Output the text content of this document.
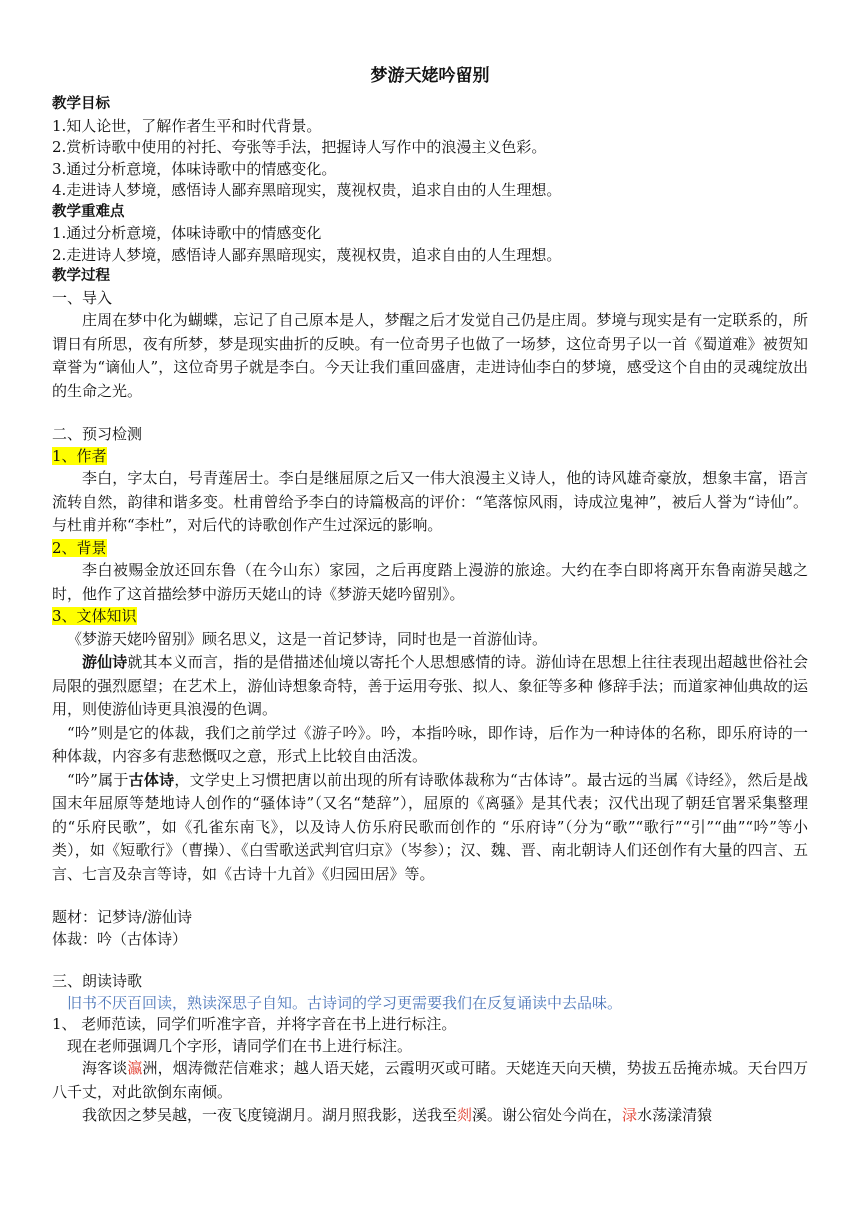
梦游天姥吟留别

教学目标

1.知人论世，了解作者生平和时代背景。

2.赏析诗歌中使用的衬托、夸张等手法，把握诗人写作中的浪漫主义色彩。

3.通过分析意境，体味诗歌中的情感变化。

4.走进诗人梦境，感悟诗人鄙弃黑暗现实，蔑视权贵，追求自由的人生理想。

教学重难点

1.通过分析意境，体味诗歌中的情感变化

2.走进诗人梦境，感悟诗人鄙弃黑暗现实，蔑视权贵，追求自由的人生理想。

教学过程

一、导入

庄周在梦中化为蝴蝶，忘记了自己原本是人，梦醒之后才发觉自己仍是庄周。梦境与现实是有一定联系的，所谓日有所思，夜有所梦，梦是现实曲折的反映。有一位奇男子也做了一场梦，这位奇男子以一首《蜀道难》被贺知章誉为“谪仙人”，这位奇男子就是李白。今天让我们重回盛唐，走进诗仙李白的梦境，感受这个自由的灵魂绽放出的生命之光。

二、预习检测

1、作者

李白，字太白，号青莲居士。李白是继屈原之后又一伟大浪漫主义诗人，他的诗风雄奇豪放，想象丰富，语言流转自然，韵律和谐多变。杜甫曾给予李白的诗篇极高的评价：“笔落惊风雨，诗成泣鬼神”，被后人誉为“诗仙”。与杜甫并称“李杜”，对后代的诗歌创作产生过深远的影响。

2、背景

李白被赐金放还回东鲁（在今山东）家园，之后再度踏上漫游的旅途。大约在李白即将离开东鲁南游吴越之时，他作了这首描绘梦中游历天姥山的诗《梦游天姥吟留别》。

3、文体知识

《梦游天姥吟留别》顾名思义，这是一首记梦诗，同时也是一首游仙诗。

游仙诗就其本义而言，指的是借描述仙境以寄托个人思想感情的诗。游仙诗在思想上往往表现出超越世俗社会局限的强烈愿望；在艺术上，游仙诗想象奇特，善于运用夸张、拟人、象征等多种 修辞手法；而道家神仙典故的运用，则使游仙诗更具浪漫的色调。

“吟”则是它的体裁，我们之前学过《游子吟》。吟，本指吟咏，即作诗，后作为一种诗体的名称，即乐府诗的一种体裁，内容多有悲愁慨叹之意，形式上比较自由活泼。

“吟”属于古体诗，文学史上习惯把唐以前出现的所有诗歌体裁称为“古体诗”。最古远的当属《诗经》，然后是战国末年屈原等楚地诗人创作的“骚体诗”（又名“楚辞”），屈原的《离骚》是其代表；汉代出现了朝廷官署采集整理的“乐府民歌”，如《孔雀东南飞》，以及诗人仿乐府民歌而创作的 “乐府诗”（分为“歌”“歌行”“引”“曲”“吟”等小类），如《短歌行》（曹操）、《白雪歌送武判官归京》（岑参）；汉、魏、晋、南北朝诗人们还创作有大量的四言、五言、七言及杂言等诗，如《古诗十九首》《归园田居》等。

题材：记梦诗/游仙诗

体裁：吟（古体诗）

三、朗读诗歌

旧书不厌百回读，熟读深思子自知。古诗词的学习更需要我们在反复诵读中去品味。

1、 老师范读，同学们听准字音，并将字音在书上进行标注。

现在老师强调几个字形，请同学们在书上进行标注。

海客谈瀛洲，烟涛微茫信难求；越人语天姥，云霞明灭或可睹。天姥连天向天横，势拔五岳掩赤城。天台四万八千丈，对此欲倒东南倾。

我欲因之梦吴越，一夜飞度镜湖月。湖月照我影，送我至剡溪。谢公宿处今尚在，渌水荡漾清猿
